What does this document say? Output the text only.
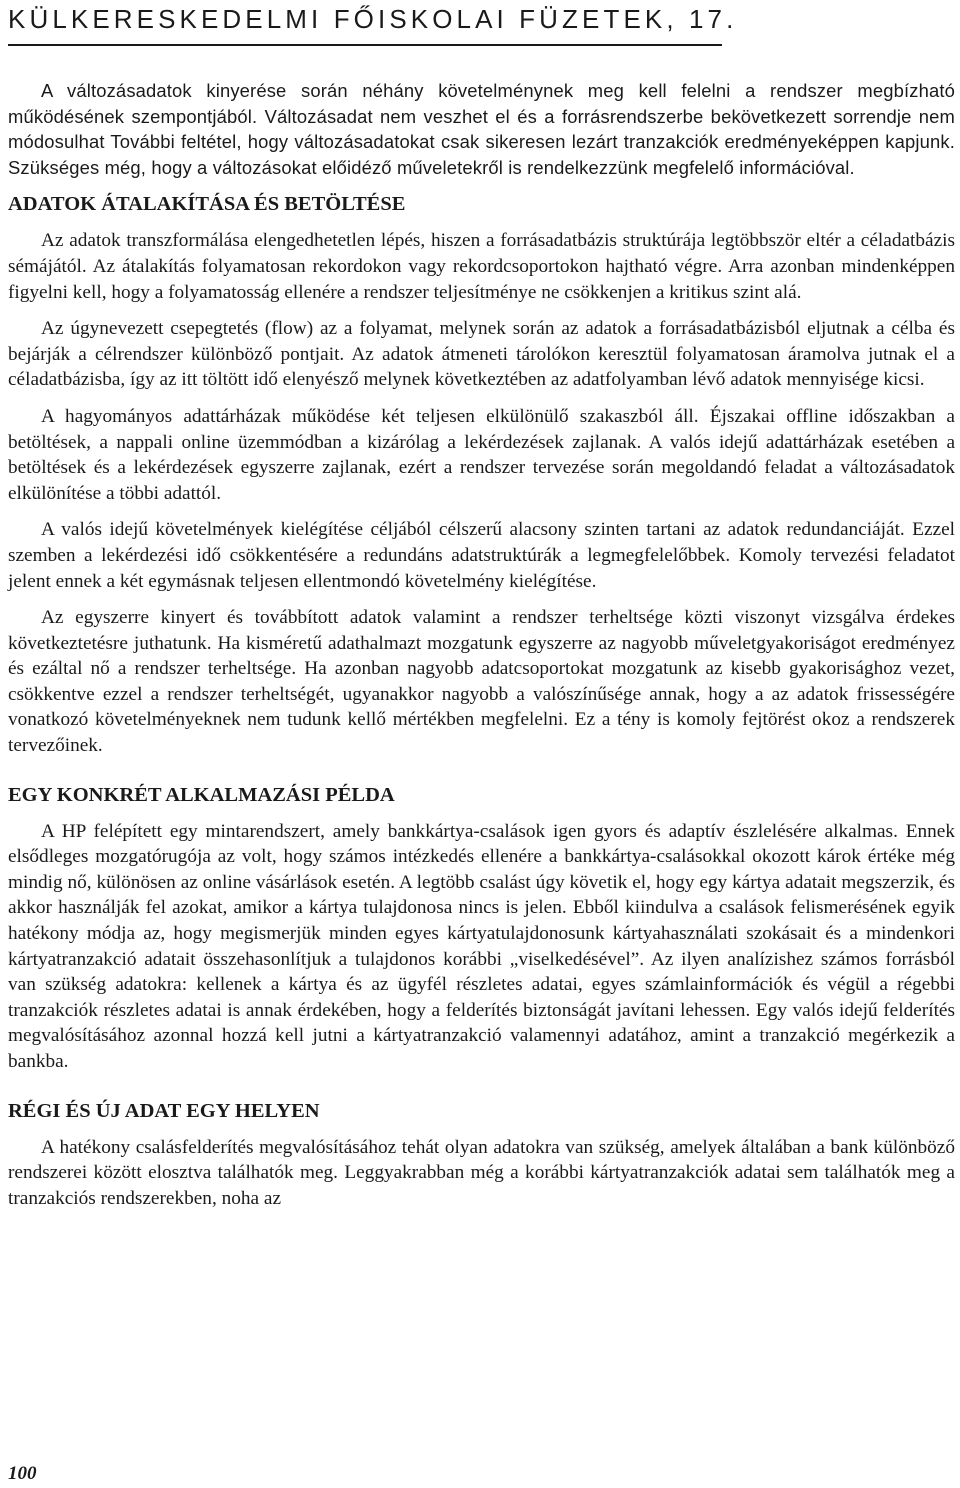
KÜLKERESKEDELMI FŐISKOLAI FÜZETEK, 17.

A változásadatok kinyerése során néhány követelménynek meg kell felelni a rendszer megbízható működésének szempontjából. Változásadat nem veszhet el és a forrásrendszerbe bekövetkezett sorrendje nem módosulhat További feltétel, hogy változásadatokat csak sikeresen lezárt tranzakciók eredményeképpen kapjunk. Szükséges még, hogy a változásokat előidéző műveletekről is rendelkezzünk megfelelő információval.

ADATOK ÁTALAKÍTÁSA ÉS BETÖLTÉSE

Az adatok transzformálása elengedhetetlen lépés, hiszen a forrásadatbázis struktúrája legtöbbször eltér a céladatbázis sémájától. Az átalakítás folyamatosan rekordokon vagy rekordcsoportokon hajtható végre. Arra azonban mindenképpen figyelni kell, hogy a folyamatosság ellenére a rendszer teljesítménye ne csökkenjen a kritikus szint alá.

Az úgynevezett csepegtetés (flow) az a folyamat, melynek során az adatok a forrásadatbázisból eljutnak a célba és bejárják a célrendszer különböző pontjait. Az adatok átmeneti tárolókon keresztül folyamatosan áramolva jutnak el a céladatbázisba, így az itt töltött idő elenyésző melynek következtében az adatfolyamban lévő adatok mennyisége kicsi.

A hagyományos adattárházak működése két teljesen elkülönülő szakaszból áll. Éjszakai offline időszakban a betöltések, a nappali online üzemmódban a kizárólag a lekérdezések zajlanak. A valós idejű adattárházak esetében a betöltések és a lekérdezések egyszerre zajlanak, ezért a rendszer tervezése során megoldandó feladat a változásadatok elkülönítése a többi adattól.

A valós idejű követelmények kielégítése céljából célszerű alacsony szinten tartani az adatok redundanciáját. Ezzel szemben a lekérdezési idő csökkentésére a redundáns adatstruktúrák a legmegfelelőbbek. Komoly tervezési feladatot jelent ennek a két egymásnak teljesen ellentmondó követelmény kielégítése.

Az egyszerre kinyert és továbbított adatok valamint a rendszer terheltsége közti viszonyt vizsgálva érdekes következtetésre juthatunk. Ha kisméretű adathalmazt mozgatunk egyszerre az nagyobb műveletgyakoriságot eredményez és ezáltal nő a rendszer terheltsége. Ha azonban nagyobb adatcsoportokat mozgatunk az kisebb gyakorisághoz vezet, csökkentve ezzel a rendszer terheltségét, ugyanakkor nagyobb a valószínűsége annak, hogy a az adatok frissességére vonatkozó követelményeknek nem tudunk kellő mértékben megfelelni. Ez a tény is komoly fejtörést okoz a rendszerek tervezőinek.

EGY KONKRÉT ALKALMAZÁSI PÉLDA

A HP felépített egy mintarendszert, amely bankkártya-csalások igen gyors és adaptív észlelésére alkalmas. Ennek elsődleges mozgatórugója az volt, hogy számos intézkedés ellenére a bankkártya-csalásokkal okozott károk értéke még mindig nő, különösen az online vásárlások esetén. A legtöbb csalást úgy követik el, hogy egy kártya adatait megszerzik, és akkor használják fel azokat, amikor a kártya tulajdonosa nincs is jelen. Ebből kiindulva a csalások felismerésének egyik hatékony módja az, hogy megismerjük minden egyes kártyatulajdonosunk kártyahasználati szokásait és a mindenkori kártyatranzakció adatait összehasonlítjuk a tulajdonos korábbi „viselkedésével”. Az ilyen analízishez számos forrásból van szükség adatokra: kellenek a kártya és az ügyfél részletes adatai, egyes számlainformációk és végül a régebbi tranzakciók részletes adatai is annak érdekében, hogy a felderítés biztonságát javítani lehessen. Egy valós idejű felderítés megvalósításához azonnal hozzá kell jutni a kártyatranzakció valamennyi adatához, amint a tranzakció megérkezik a bankba.

RÉGI ÉS ÚJ ADAT EGY HELYEN

A hatékony csalásfelderítés megvalósításához tehát olyan adatokra van szükség, amelyek általában a bank különböző rendszerei között elosztva találhatók meg. Leggyakrabban még a korábbi kártyatranzakciók adatai sem találhatók meg a tranzakciós rendszerekben, noha az

100
